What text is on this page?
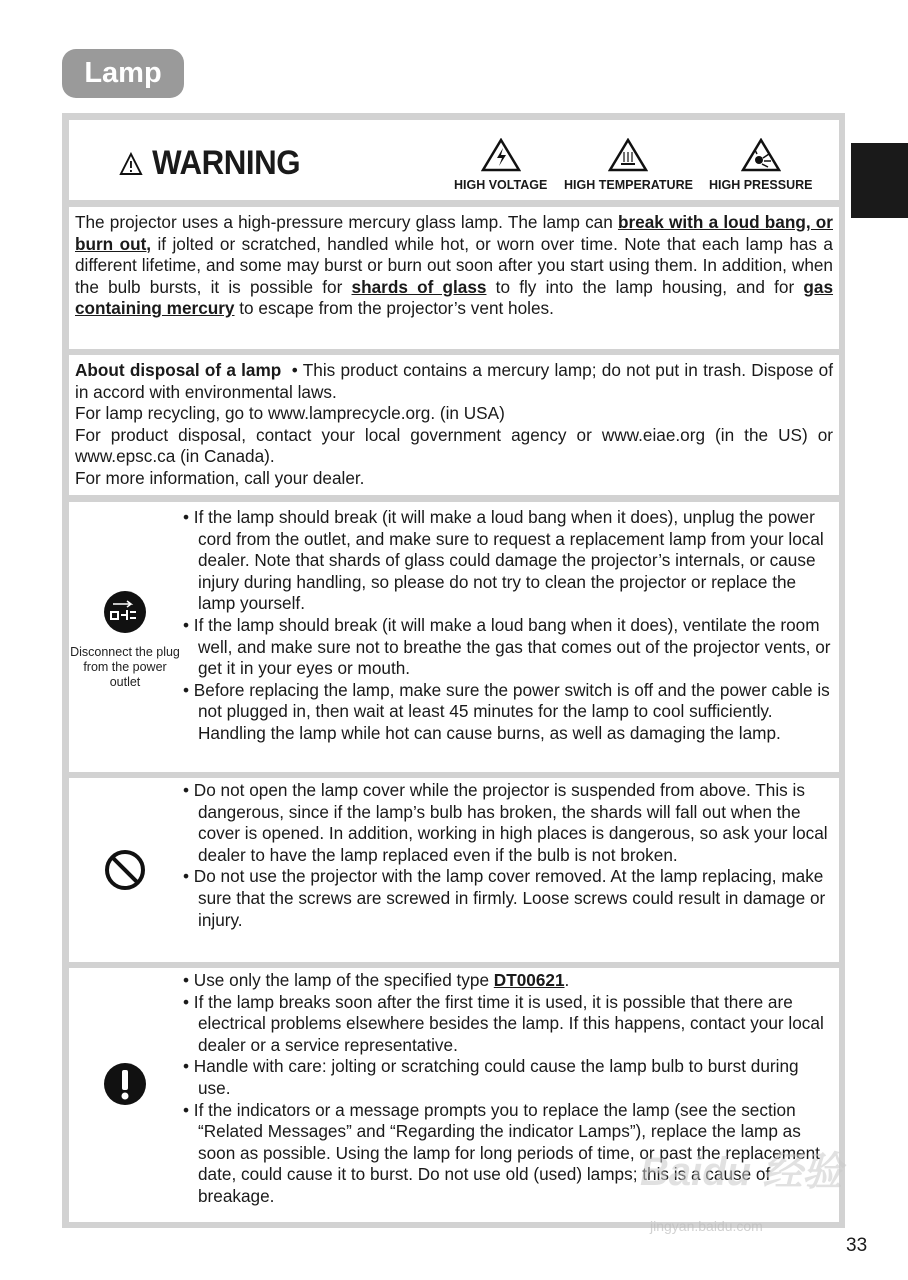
Lamp
WARNING
HIGH VOLTAGE HIGH TEMPERATURE HIGH PRESSURE
The projector uses a high-pressure mercury glass lamp. The lamp can break with a loud bang, or burn out, if jolted or scratched, handled while hot, or worn over time. Note that each lamp has a different lifetime, and some may burst or burn out soon after you start using them. In addition, when the bulb bursts, it is possible for shards of glass to fly into the lamp housing, and for gas containing mercury to escape from the projector’s vent holes.
About disposal of a lamp • This product contains a mercury lamp; do not put in trash. Dispose of in accord with environmental laws.
For lamp recycling, go to www.lamprecycle.org. (in USA)
For product disposal, contact your local government agency or www.eiae.org (in the US) or www.epsc.ca (in Canada).
For more information, call your dealer.
Disconnect the plug from the power outlet
• If the lamp should break (it will make a loud bang when it does), unplug the power cord from the outlet, and make sure to request a replacement lamp from your local dealer. Note that shards of glass could damage the projector’s internals, or cause injury during handling, so please do not try to clean the projector or replace the lamp yourself.
• If the lamp should break (it will make a loud bang when it does), ventilate the room well, and make sure not to breathe the gas that comes out of the projector vents, or get it in your eyes or mouth.
• Before replacing the lamp, make sure the power switch is off and the power cable is not plugged in, then wait at least 45 minutes for the lamp to cool sufficiently. Handling the lamp while hot can cause burns, as well as damaging the lamp.
• Do not open the lamp cover while the projector is suspended from above. This is dangerous, since if the lamp’s bulb has broken, the shards will fall out when the cover is opened. In addition, working in high places is dangerous, so ask your local dealer to have the lamp replaced even if the bulb is not broken.
• Do not use the projector with the lamp cover removed. At the lamp replacing, make sure that the screws are screwed in firmly. Loose screws could result in damage or injury.
• Use only the lamp of the specified type DT00621.
• If the lamp breaks soon after the first time it is used, it is possible that there are electrical problems elsewhere besides the lamp. If this happens, contact your local dealer or a service representative.
• Handle with care: jolting or scratching could cause the lamp bulb to burst during use.
• If the indicators or a message prompts you to replace the lamp (see the section “Related Messages” and “Regarding the indicator Lamps”), replace the lamp as soon as possible. Using the lamp for long periods of time, or past the replacement date, could cause it to burst. Do not use old (used) lamps; this is a cause of breakage.
Baidu 经验
jingyan.baidu.com
33
